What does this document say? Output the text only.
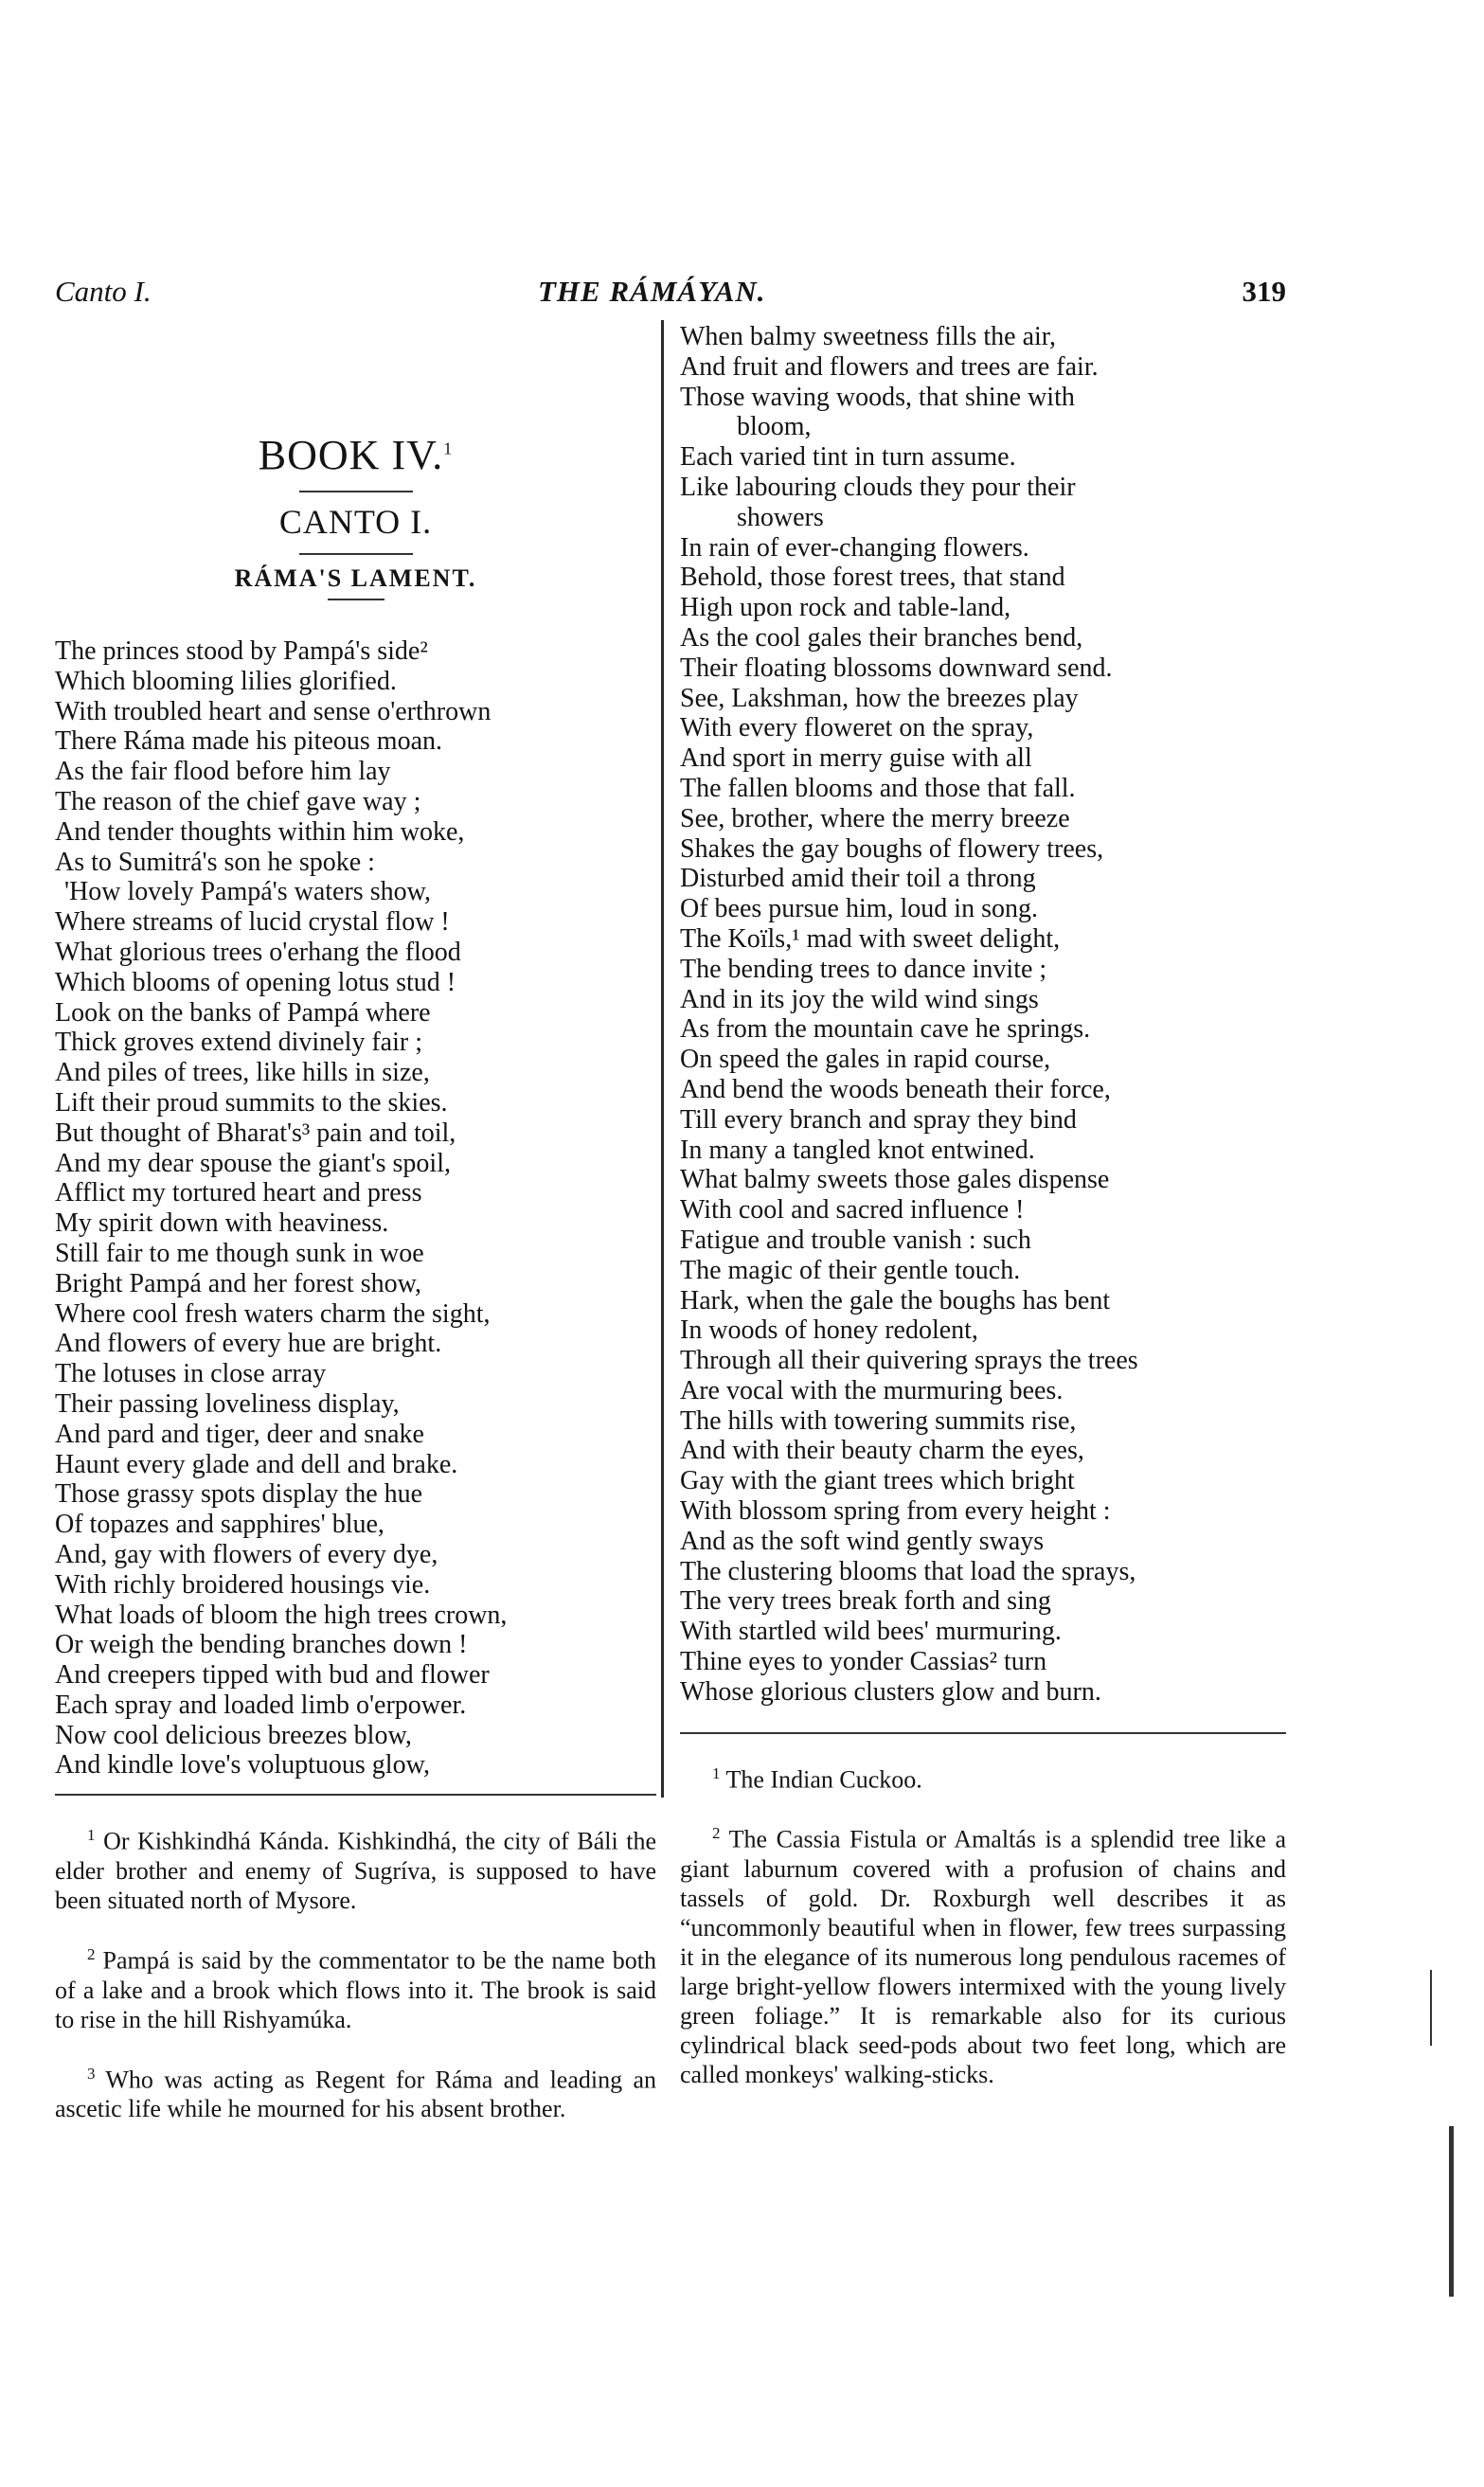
Canto I.	THE RÁMÁYAN.	319

BOOK IV.$^1$

CANTO I.

RÁMA'S LAMENT.

The princes stood by Pampá's side²
Which blooming lilies glorified.
With troubled heart and sense o'erthrown
There Ráma made his piteous moan.
As the fair flood before him lay
The reason of the chief gave way ;
And tender thoughts within him woke,
As to Sumitrá's son he spoke :
'How lovely Pampá's waters show,
Where streams of lucid crystal flow !
What glorious trees o'erhang the flood
Which blooms of opening lotus stud !
Look on the banks of Pampá where
Thick groves extend divinely fair ;
And piles of trees, like hills in size,
Lift their proud summits to the skies.
But thought of Bharat's³ pain and toil,
And my dear spouse the giant's spoil,
Afflict my tortured heart and press
My spirit down with heaviness.
Still fair to me though sunk in woe
Bright Pampá and her forest show,
Where cool fresh waters charm the sight,
And flowers of every hue are bright.
The lotuses in close array
Their passing loveliness display,
And pard and tiger, deer and snake
Haunt every glade and dell and brake.
Those grassy spots display the hue
Of topazes and sapphires' blue,
And, gay with flowers of every dye,
With richly broidered housings vie.
What loads of bloom the high trees crown,
Or weigh the bending branches down !
And creepers tipped with bud and flower
Each spray and loaded limb o'erpower.
Now cool delicious breezes blow,
And kindle love's voluptuous glow,

$^1$ Or Kishkindhá Kánda. Kishkindhá, the city of Báli the elder brother and enemy of Sugríva, is supposed to have been situated north of Mysore.

$^2$ Pampá is said by the commentator to be the name both of a lake and a brook which flows into it. The brook is said to rise in the hill Rishyamúka.

$^3$ Who was acting as Regent for Ráma and leading an ascetic life while he mourned for his absent brother.

When balmy sweetness fills the air,
And fruit and flowers and trees are fair.
Those waving woods, that shine with
bloom,
Each varied tint in turn assume.
Like labouring clouds they pour their
showers
In rain of ever-changing flowers.
Behold, those forest trees, that stand
High upon rock and table-land,
As the cool gales their branches bend,
Their floating blossoms downward send.
See, Lakshman, how the breezes play
With every floweret on the spray,
And sport in merry guise with all
The fallen blooms and those that fall.
See, brother, where the merry breeze
Shakes the gay boughs of flowery trees,
Disturbed amid their toil a throng
Of bees pursue him, loud in song.
The Koïls,¹ mad with sweet delight,
The bending trees to dance invite ;
And in its joy the wild wind sings
As from the mountain cave he springs.
On speed the gales in rapid course,
And bend the woods beneath their force,
Till every branch and spray they bind
In many a tangled knot entwined.
What balmy sweets those gales dispense
With cool and sacred influence !
Fatigue and trouble vanish : such
The magic of their gentle touch.
Hark, when the gale the boughs has bent
In woods of honey redolent,
Through all their quivering sprays the trees
Are vocal with the murmuring bees.
The hills with towering summits rise,
And with their beauty charm the eyes,
Gay with the giant trees which bright
With blossom spring from every height :
And as the soft wind gently sways
The clustering blooms that load the sprays,
The very trees break forth and sing
With startled wild bees' murmuring.
Thine eyes to yonder Cassias² turn
Whose glorious clusters glow and burn.

$^1$ The Indian Cuckoo.

$^2$ The Cassia Fistula or Amaltás is a splendid tree like a giant laburnum covered with a profusion of chains and tassels of gold. Dr. Roxburgh well describes it as “uncommonly beautiful when in flower, few trees surpassing it in the elegance of its numerous long pendulous racemes of large bright-yellow flowers intermixed with the young lively green foliage.” It is remarkable also for its curious cylindrical black seed-pods about two feet long, which are called monkeys' walking-sticks.
